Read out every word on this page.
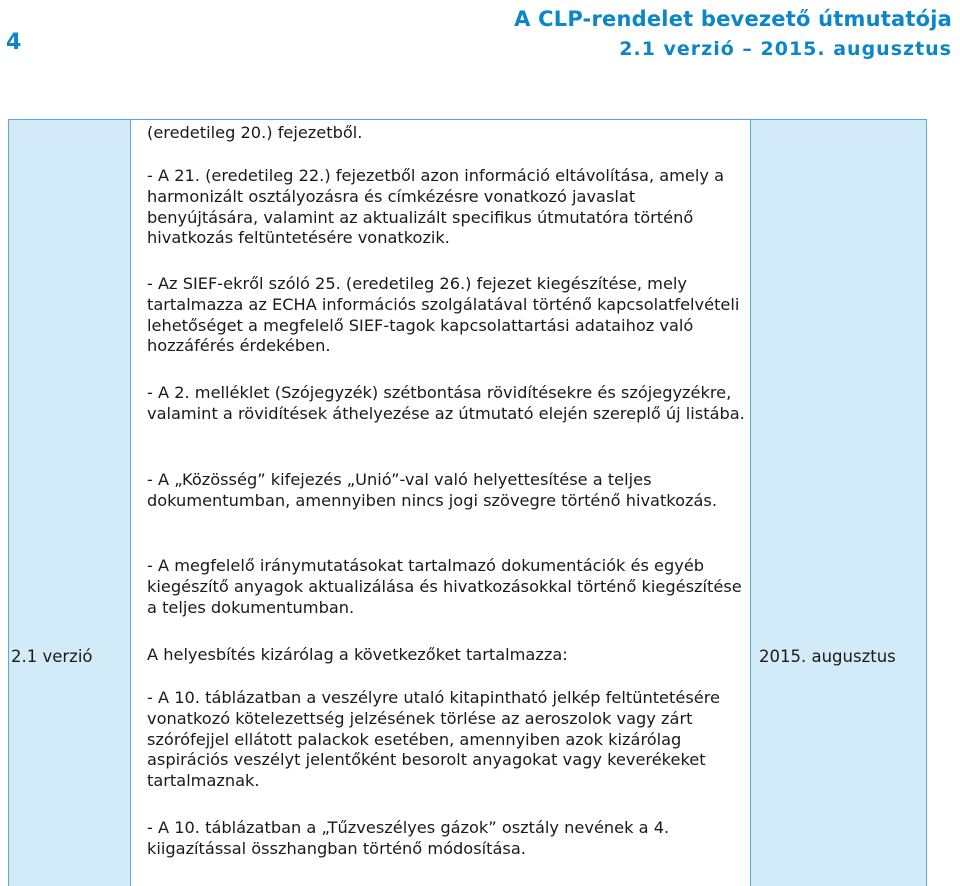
4
A CLP-rendelet bevezető útmutatója
2.1 verzió – 2015. augusztus
2.1 verzió

(eredetileg 20.) fejezetből.

- A 21. (eredetileg 22.) fejezetből azon információ eltávolítása, amely a harmonizált osztályozásra és címkézésre vonatkozó javaslat benyújtására, valamint az aktualizált specifikus útmutatóra történő hivatkozás feltüntetésére vonatkozik.

- Az SIEF-ekről szóló 25. (eredetileg 26.) fejezet kiegészítése, mely tartalmazza az ECHA információs szolgálatával történő kapcsolatfelvételi lehetőséget a megfelelő SIEF-tagok kapcsolattartási adataihoz való hozzáférés érdekében.

- A 2. melléklet (Szójegyzék) szétbontása rövidítésekre és szójegyzékre, valamint a rövidítések áthelyezése az útmutató elején szereplő új listába.

- A „Közösség” kifejezés „Unió”-val való helyettesítése a teljes dokumentumban, amennyiben nincs jogi szövegre történő hivatkozás.

- A megfelelő iránymutatásokat tartalmazó dokumentációk és egyéb kiegészítő anyagok aktualizálása és hivatkozásokkal történő kiegészítése a teljes dokumentumban.

A helyesbítés kizárólag a következőket tartalmazza:

- A 10. táblázatban a veszélyre utaló kitapintható jelkép feltüntetésére vonatkozó kötelezettség jelzésének törlése az aeroszolok vagy zárt szórófejjel ellátott palackok esetében, amennyiben azok kizárólag aspirációs veszélyt jelentőként besorolt anyagokat vagy keverékeket tartalmaznak.

- A 10. táblázatban a „Tűzveszélyes gázok” osztály nevének a 4. kiigazítással összhangban történő módosítása.

2015. augusztus
